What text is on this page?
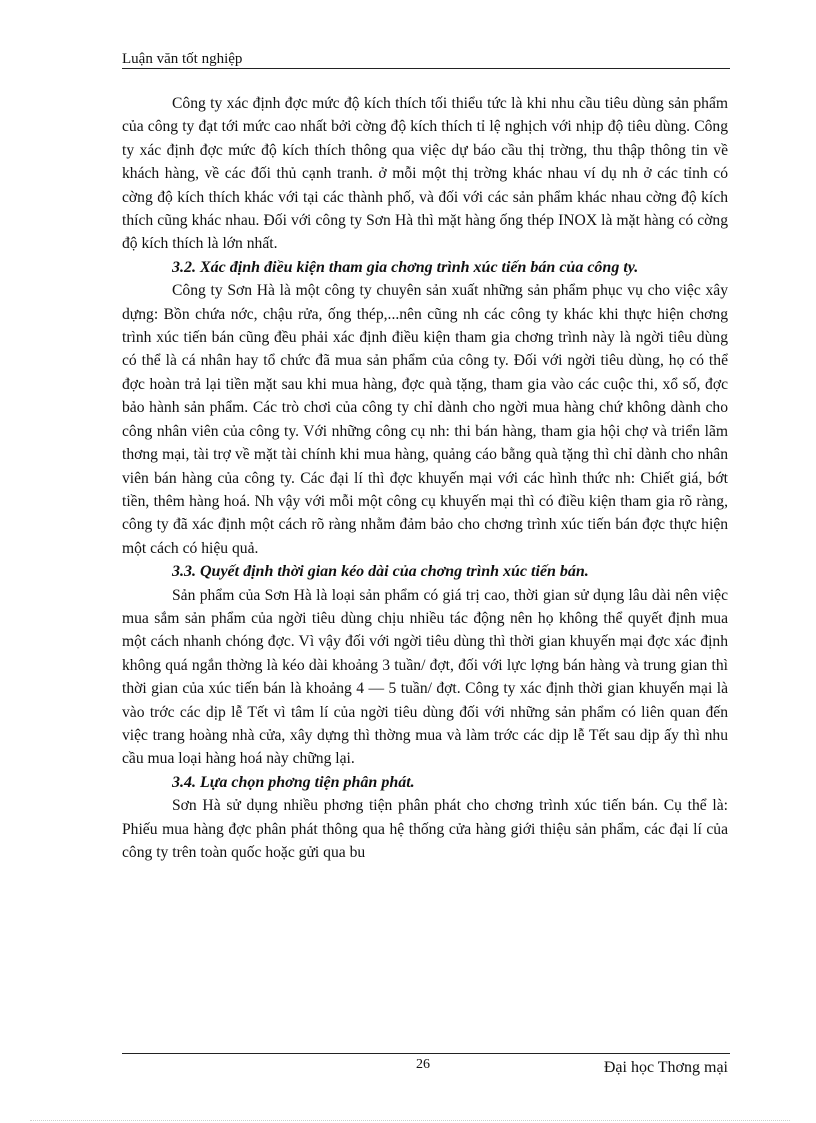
Luận văn tốt nghiệp

Công ty xác định đợc mức độ kích thích tối thiểu tức là khi nhu cầu tiêu dùng sản phẩm của công ty đạt tới mức cao nhất bởi cờng độ kích thích tỉ lệ nghịch với nhịp độ tiêu dùng. Công ty xác định đợc mức độ kích thích thông qua việc dự báo cầu thị trờng, thu thập thông tin về khách hàng, về các đối thủ cạnh tranh. ở mỗi một thị trờng khác nhau ví dụ nh ở các tỉnh có cờng độ kích thích khác với tại các thành phố, và đối với các sản phẩm khác nhau cờng độ kích thích cũng khác nhau. Đối với công ty Sơn Hà thì mặt hàng ống thép INOX là mặt hàng có cờng độ kích thích là lớn nhất.

3.2. Xác định điều kiện tham gia chơng trình xúc tiến bán của công ty.

Công ty Sơn Hà là một công ty chuyên sản xuất những sản phẩm phục vụ cho việc xây dựng: Bồn chứa nớc, chậu rửa, ống thép,...nên cũng nh các công ty khác khi thực hiện chơng trình xúc tiến bán cũng đều phải xác định điều kiện tham gia chơng trình này là ngời tiêu dùng có thể là cá nhân hay tổ chức đã mua sản phẩm của công ty. Đối với ngời tiêu dùng, họ có thể đợc hoàn trả lại tiền mặt sau khi mua hàng, đợc quà tặng, tham gia vào các cuộc thi, xổ số, đợc bảo hành sản phẩm. Các trò chơi của công ty chỉ dành cho ngời mua hàng chứ không dành cho công nhân viên của công ty. Với những công cụ nh: thi bán hàng, tham gia hội chợ và triển lãm thơng mại, tài trợ về mặt tài chính khi mua hàng, quảng cáo bằng quà tặng thì chỉ dành cho nhân viên bán hàng của công ty. Các đại lí thì đợc khuyến mại với các hình thức nh: Chiết giá, bớt tiền, thêm hàng hoá. Nh vậy với mỗi một công cụ khuyến mại thì có điều kiện tham gia rõ ràng, công ty đã xác định một cách rõ ràng nhằm đảm bảo cho chơng trình xúc tiến bán đợc thực hiện một cách có hiệu quả.

3.3. Quyết định thời gian kéo dài của chơng trình xúc tiến bán.

Sản phẩm của Sơn Hà là loại sản phẩm có giá trị cao, thời gian sử dụng lâu dài nên việc mua sắm sản phẩm của ngời tiêu dùng chịu nhiều tác động nên họ không thể quyết định mua một cách nhanh chóng đợc. Vì vậy đối với ngời tiêu dùng thì thời gian khuyến mại đợc xác định không quá ngắn thờng là kéo dài khoảng 3 tuần/ đợt, đối với lực lợng bán hàng và trung gian thì thời gian của xúc tiến bán là khoảng 4 — 5 tuần/ đợt. Công ty xác định thời gian khuyến mại là vào trớc các dịp lễ Tết vì tâm lí của ngời tiêu dùng đối với những sản phẩm có liên quan đến việc trang hoàng nhà cửa, xây dựng thì thờng mua và làm trớc các dịp lễ Tết sau dịp ấy thì nhu cầu mua loại hàng hoá này chững lại.

3.4. Lựa chọn phơng tiện phân phát.

Sơn Hà sử dụng nhiều phơng tiện phân phát cho chơng trình xúc tiến bán. Cụ thể là: Phiếu mua hàng đợc phân phát thông qua hệ thống cửa hàng giới thiệu sản phẩm, các đại lí của công ty trên toàn quốc hoặc gửi qua bu

26	Đại học Thơng mại
